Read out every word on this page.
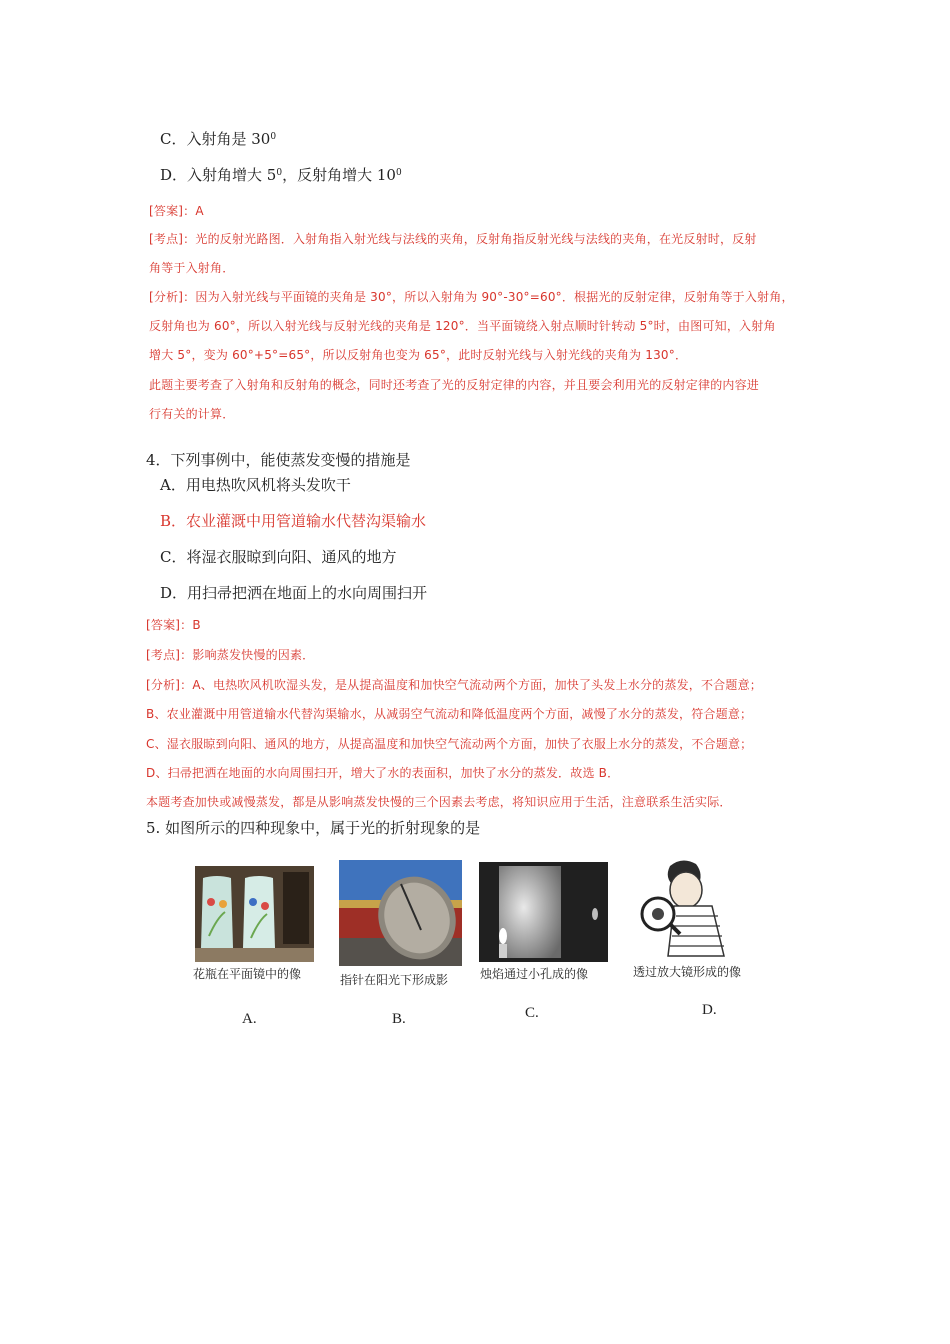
C．入射角是 $30^0$
D．入射角增大 $5^0$，反射角增大 $10^0$
[答案]：A
[考点]：光的反射光路图．入射角指入射光线与法线的夹角，反射角指反射光线与法线的夹角，在光反射时，反射
角等于入射角．
[分析]：因为入射光线与平面镜的夹角是 30°，所以入射角为 90°-30°=60°．根据光的反射定律，反射角等于入射角，
反射角也为 60°，所以入射光线与反射光线的夹角是 120°．当平面镜绕入射点顺时针转动 5°时，由图可知，入射角
增大 5°，变为 60°+5°=65°，所以反射角也变为 65°，此时反射光线与入射光线的夹角为 130°．
此题主要考查了入射角和反射角的概念，同时还考查了光的反射定律的内容，并且要会利用光的反射定律的内容进
行有关的计算．
4．下列事例中，能使蒸发变慢的措施是
A．用电热吹风机将头发吹干
B．农业灌溉中用管道输水代替沟渠输水
C．将湿衣服晾到向阳、通风的地方
D．用扫帚把洒在地面上的水向周围扫开
[答案]：B
[考点]：影响蒸发快慢的因素．
[分析]：A、电热吹风机吹湿头发，是从提高温度和加快空气流动两个方面，加快了头发上水分的蒸发，不合题意；
B、农业灌溉中用管道输水代替沟渠输水，从减弱空气流动和降低温度两个方面，减慢了水分的蒸发，符合题意；
C、湿衣服晾到向阳、通风的地方，从提高温度和加快空气流动两个方面，加快了衣服上水分的蒸发，不合题意；
D、扫帚把洒在地面的水向周围扫开，增大了水的表面积，加快了水分的蒸发．故选 B．
本题考查加快或减慢蒸发，都是从影响蒸发快慢的三个因素去考虑，将知识应用于生活，注意联系生活实际．
5. 如图所示的四种现象中，属于光的折射现象的是
花瓶在平面镜中的像
A.
指针在阳光下形成影
B.
烛焰通过小孔成的像
C.
透过放大镜形成的像
D.
